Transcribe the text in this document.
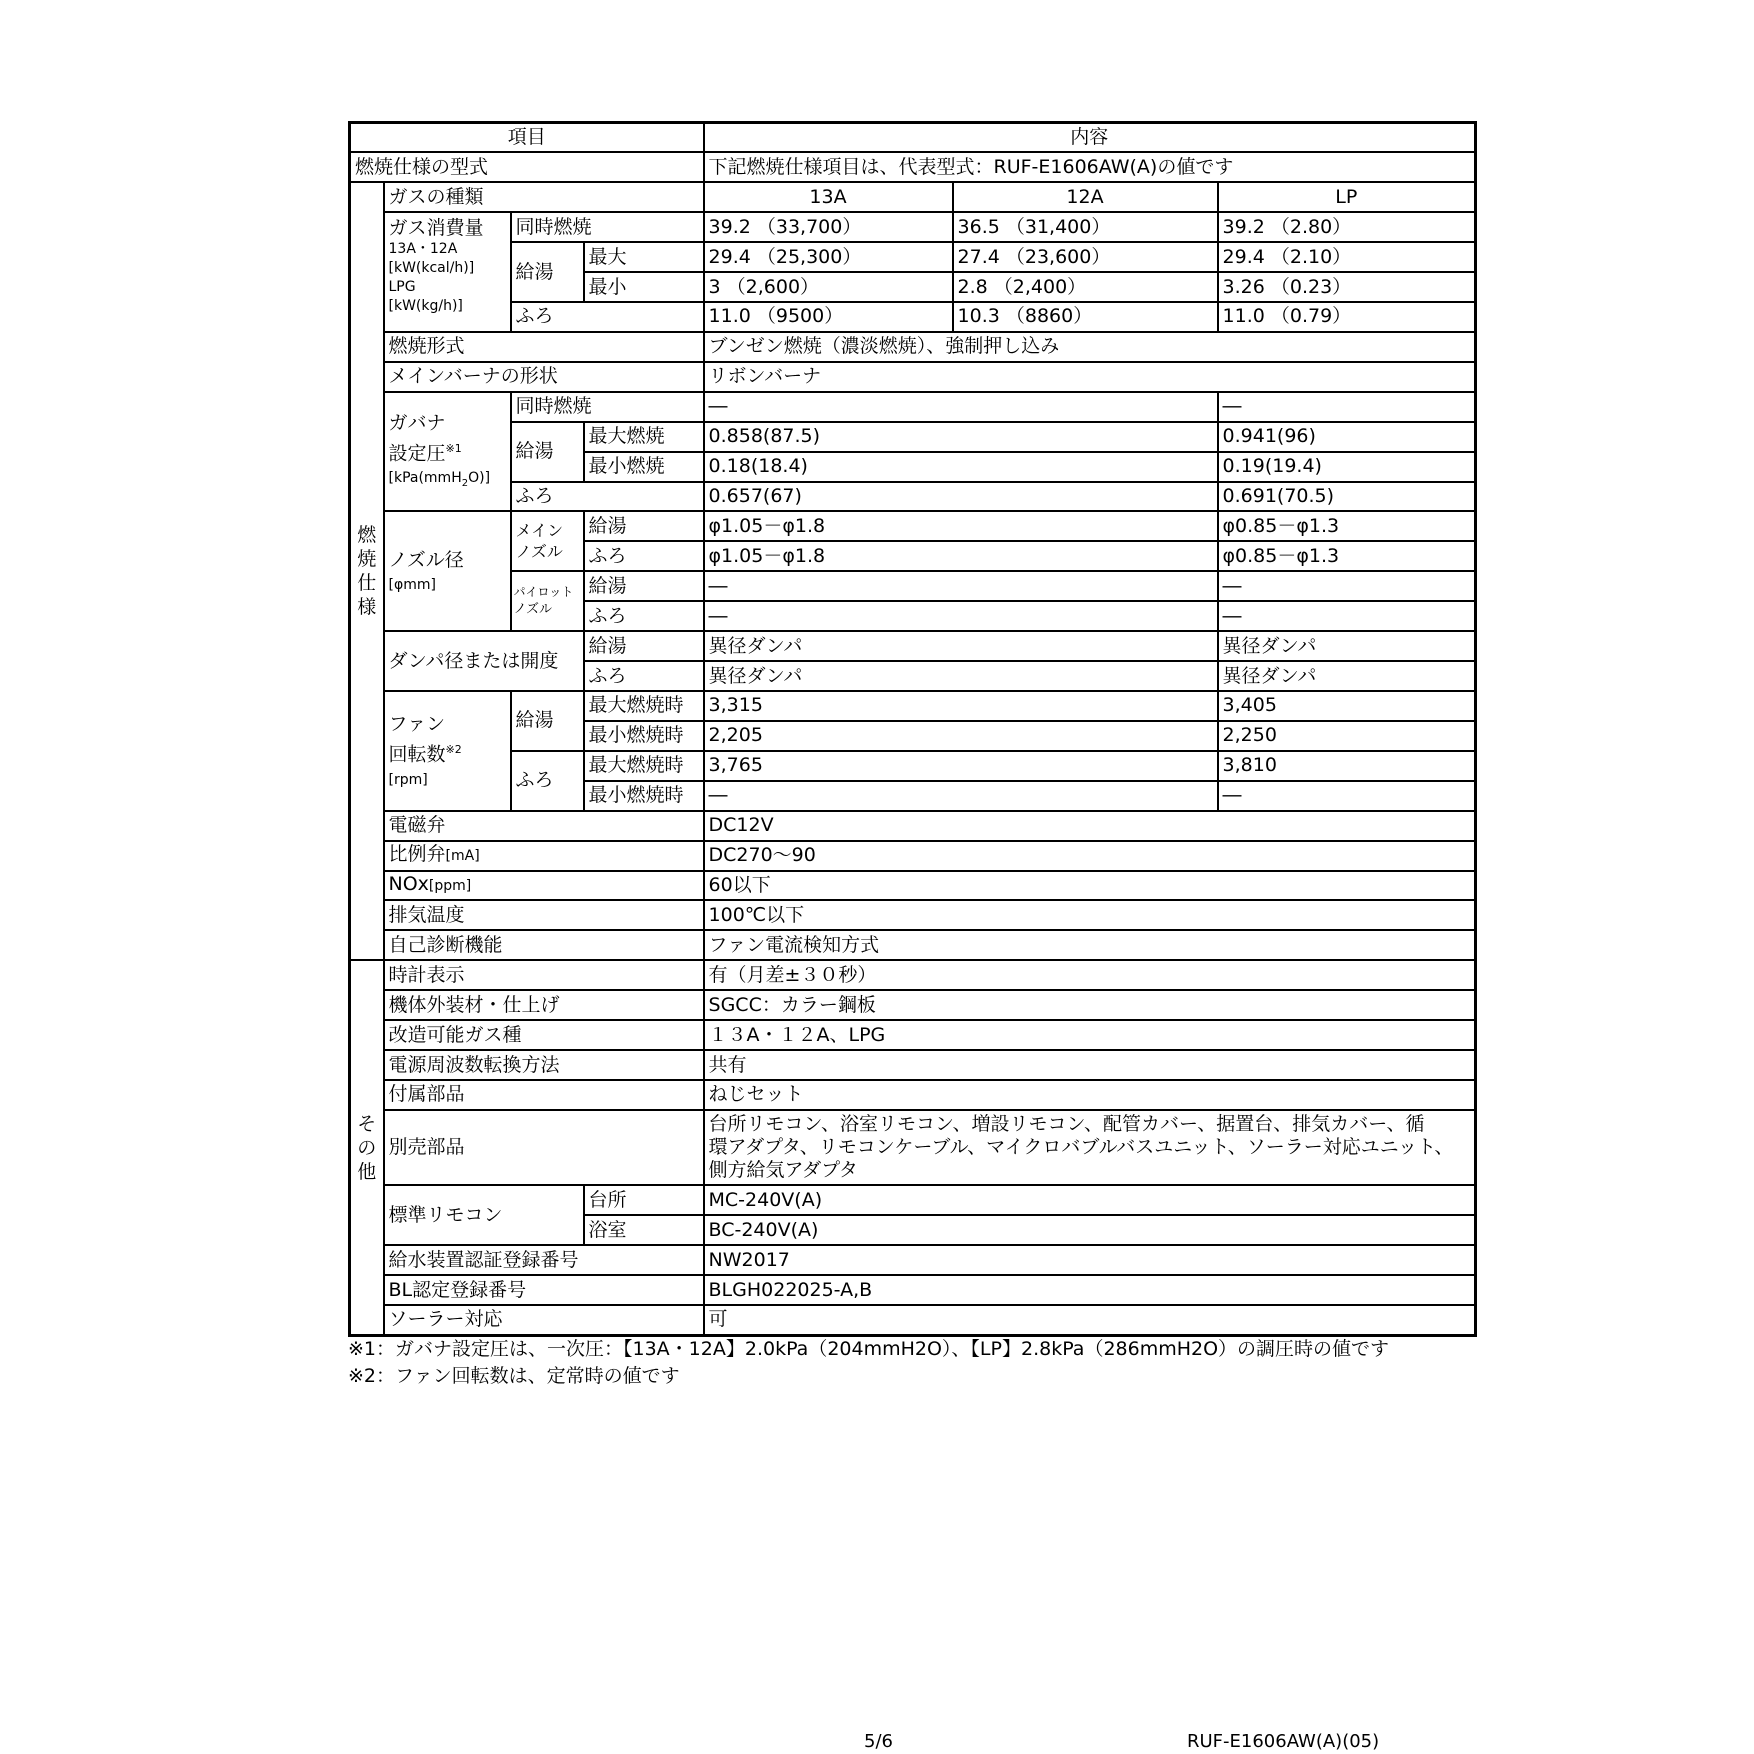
項目				内容		
燃焼仕様の型式				下記燃焼仕様項目は、代表型式：RUF-E1606AW(A)の値です		
燃焼仕様	ガスの種類			13A	12A	LP

	ガス消費量
13A・12A
[kW(kcal/h)]
LPG
[kW(kg/h)]	同時燃焼		39.2 （33,700）	36.5 （31,400）	39.2 （2.80）
		給湯	最大	29.4 （25,300）	27.4 （23,600）	29.4 （2.10）
			最小	3 （2,600）	2.8 （2,400）	3.26 （0.23）
		ふろ		11.0 （9500）	10.3 （8860）	11.0 （0.79）
	燃焼形式			ブンゼン燃焼（濃淡燃焼）、強制押し込み		
	メインバーナの形状			リボンバーナ		

	ガバナ
設定圧$^{※1}$
[kPa(mmH$_2$O)]	同時燃焼		―		―
		給湯	最大燃焼	0.858(87.5)		0.941(96)
			最小燃焼	0.18(18.4)		0.19(19.4)
		ふろ		0.657(67)		0.691(70.5)

	ノズル径
[φmm]	メイン
ノズル	給湯	φ1.05－φ1.8		φ0.85－φ1.3
			ふろ	φ1.05－φ1.8		φ0.85－φ1.3

		パイロット
ノズル	給湯	―		―
			ふろ	―		―
	ダンパ径または開度		給湯	異径ダンパ		異径ダンパ
			ふろ	異径ダンパ		異径ダンパ

	ファン
回転数$^{※2}$
[rpm]	給湯	最大燃焼時	3,315		3,405
			最小燃焼時	2,205		2,250
		ふろ	最大燃焼時	3,765		3,810
			最小燃焼時	―		―
	電磁弁			DC12V		
	比例弁[mA]			DC270～90		
	NOx[ppm]			60以下		
	排気温度			100℃以下		
	自己診断機能			ファン電流検知方式		
その他	時計表示			有（月差±３０秒）		
	機体外装材・仕上げ			SGCC：カラー鋼板		
	改造可能ガス種			１３A・１２A、LPG		
	電源周波数転換方法			共有		
	付属部品			ねじセット		
	別売部品			台所リモコン、浴室リモコン、増設リモコン、配管カバー、据置台、排気カバー、循
環アダプタ、リモコンケーブル、マイクロバブルバスユニット、ソーラー対応ユニット、
側方給気アダプタ		

	標準リモコン		台所	MC-240V(A)		
			浴室	BC-240V(A)		
	給水装置認証登録番号			NW2017		
	BL認定登録番号			BLGH022025-A,B		
	ソーラー対応			可		
※1：ガバナ設定圧は、一次圧：【13A・12A】2.0kPa（204mmH2O）、【LP】2.8kPa（286mmH2O）の調圧時の値です
※2：ファン回転数は、定常時の値です
5/6	RUF-E1606AW(A)(05)
